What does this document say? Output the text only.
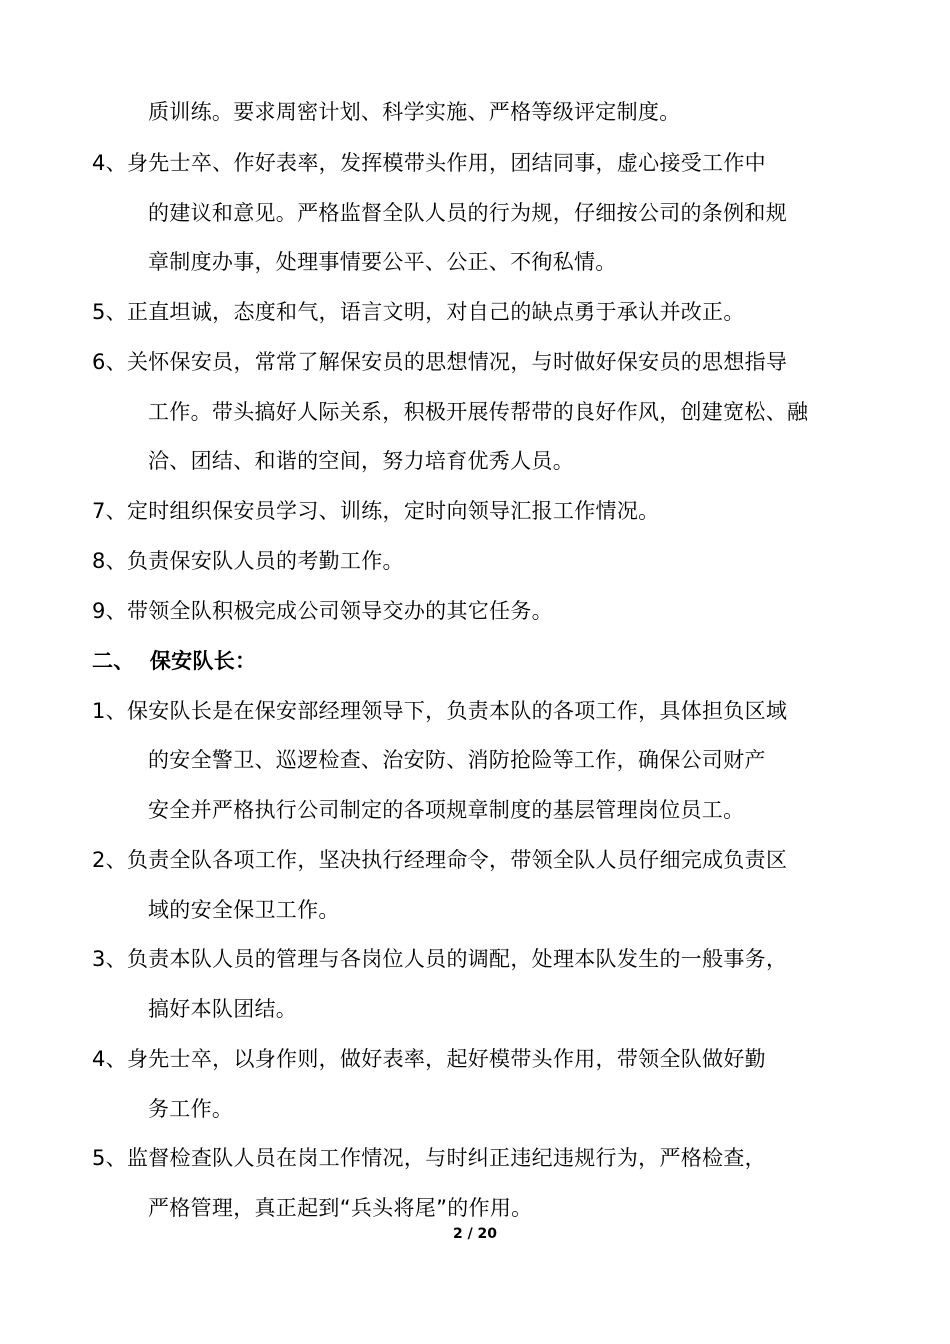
质训练。要求周密计划、科学实施、严格等级评定制度。
4、身先士卒、作好表率，发挥模带头作用，团结同事，虚心接受工作中
的建议和意见。严格监督全队人员的行为规，仔细按公司的条例和规
章制度办事，处理事情要公平、公正、不徇私情。
5、正直坦诚，态度和气，语言文明，对自己的缺点勇于承认并改正。
6、关怀保安员，常常了解保安员的思想情况，与时做好保安员的思想指导
工作。带头搞好人际关系，积极开展传帮带的良好作风，创建宽松、融
洽、团结、和谐的空间，努力培育优秀人员。
7、定时组织保安员学习、训练，定时向领导汇报工作情况。
8、负责保安队人员的考勤工作。
9、带领全队积极完成公司领导交办的其它任务。
二、  保安队长：
1、保安队长是在保安部经理领导下，负责本队的各项工作，具体担负区域
的安全警卫、巡逻检查、治安防、消防抢险等工作，确保公司财产
安全并严格执行公司制定的各项规章制度的基层管理岗位员工。
2、负责全队各项工作，坚决执行经理命令，带领全队人员仔细完成负责区
域的安全保卫工作。
3、负责本队人员的管理与各岗位人员的调配，处理本队发生的一般事务，
搞好本队团结。
4、身先士卒，以身作则，做好表率，起好模带头作用，带领全队做好勤
务工作。
5、监督检查队人员在岗工作情况，与时纠正违纪违规行为，严格检查，
严格管理，真正起到“兵头将尾”的作用。
2 / 20
